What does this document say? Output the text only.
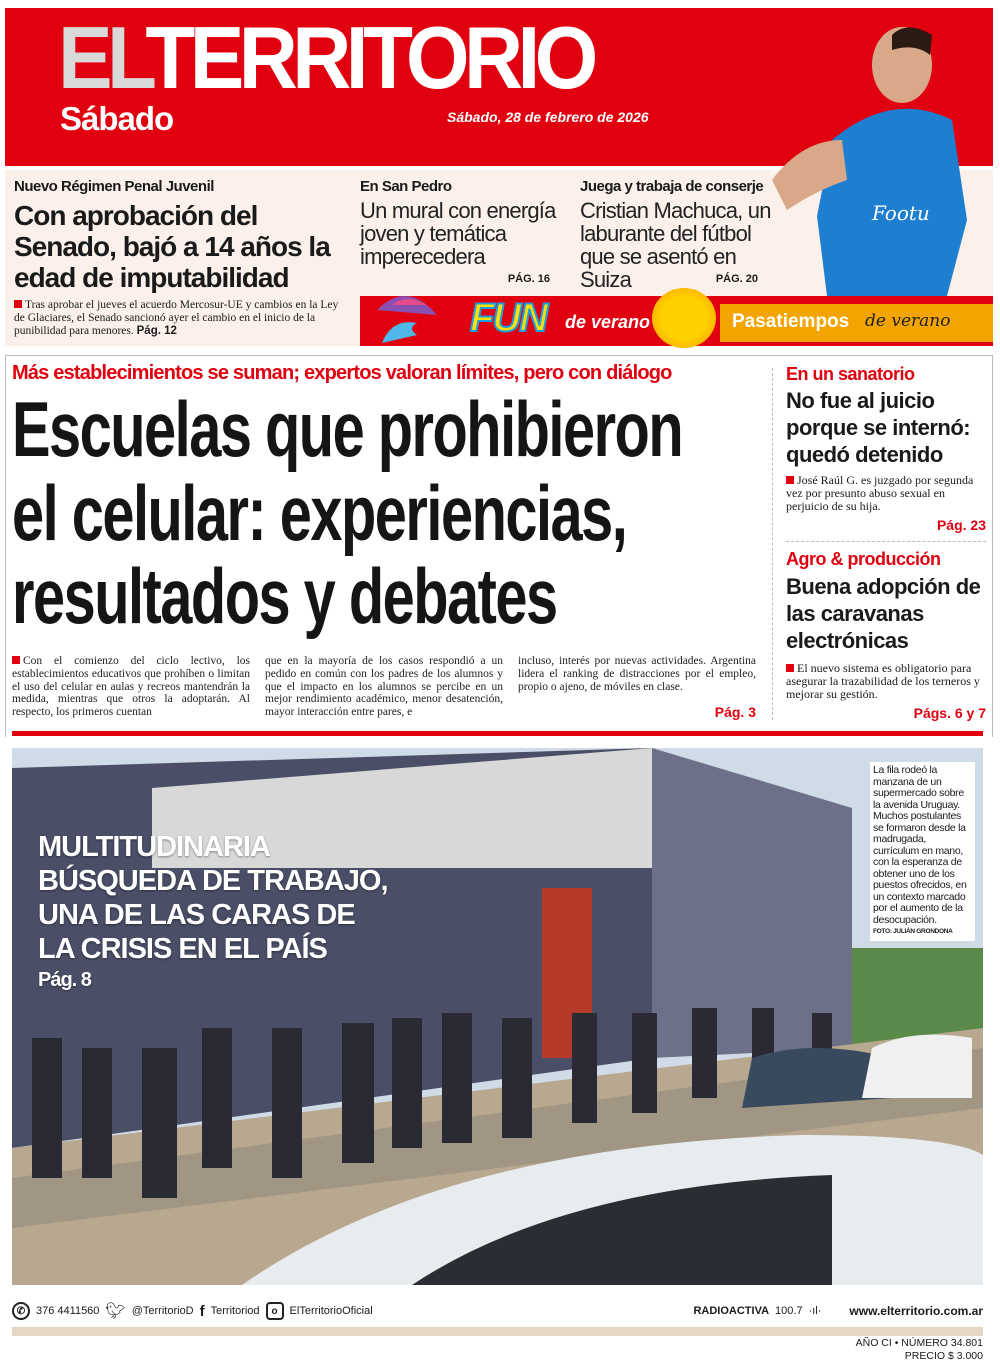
ELTERRITORIO
Sábado	Sábado, 28 de febrero de 2026
Nuevo Régimen Penal Juvenil
Con aprobación del Senado, bajó a 14 años la edad de imputabilidad
Tras aprobar el jueves el acuerdo Mercosur-UE y cambios en la Ley de Glaciares, el Senado sancionó ayer el cambio en el inicio de la punibilidad para menores. Pág. 12
En San Pedro
Un mural con energía joven y temática imperecedera
PÁG. 16
Juega y trabaja de conserje
Cristian Machuca, un laburante del fútbol que se asentó en Suiza	PÁG. 20
Footu
FUN de verano	Pasatiempos de verano
Más establecimientos se suman; expertos valoran límites, pero con diálogo
Escuelas que prohibieron
el celular: experiencias,
resultados y debates
Con el comienzo del ciclo lectivo, los establecimientos educativos que prohíben o limitan el uso del celular en aulas y recreos mantendrán la medida, mientras que otros la adoptarán. Al respecto, los primeros cuentan
que en la mayoría de los casos respondió a un pedido en común con los padres de los alumnos y que el impacto en los alumnos se percibe en un mejor rendimiento académico, menor desatención, mayor interacción entre pares, e
incluso, interés por nuevas actividades. Argentina lidera el ranking de distracciones por el empleo, propio o ajeno, de móviles en clase.
Pág. 3
En un sanatorio
No fue al juicio porque se internó: quedó detenido
José Raúl G. es juzgado por segunda vez por presunto abuso sexual en perjuicio de su hija.
Pág. 23
Agro & producción
Buena adopción de las caravanas electrónicas
El nuevo sistema es obligatorio para asegurar la trazabilidad de los terneros y mejorar su gestión.
Págs. 6 y 7
MULTITUDINARIA
BÚSQUEDA DE TRABAJO,
UNA DE LAS CARAS DE
LA CRISIS EN EL PAÍS
Pág. 8
La fila rodeó la manzana de un supermercado sobre la avenida Uruguay. Muchos postulantes se formaron desde la madrugada, currículum en mano, con la esperanza de obtener uno de los puestos ofrecidos, en un contexto marcado por el aumento de la desocupación.
FOTO: JULIÁN GRONDONA
✆ 376 4411560 🐦︎ @TerritorioD f Territoriod	o	ElTerritorioOficial	RADIOACTIVA 100.7 ·ıl· www.elterritorio.com.ar
AÑO CI • NÚMERO 34.801
PRECIO $ 3.000
